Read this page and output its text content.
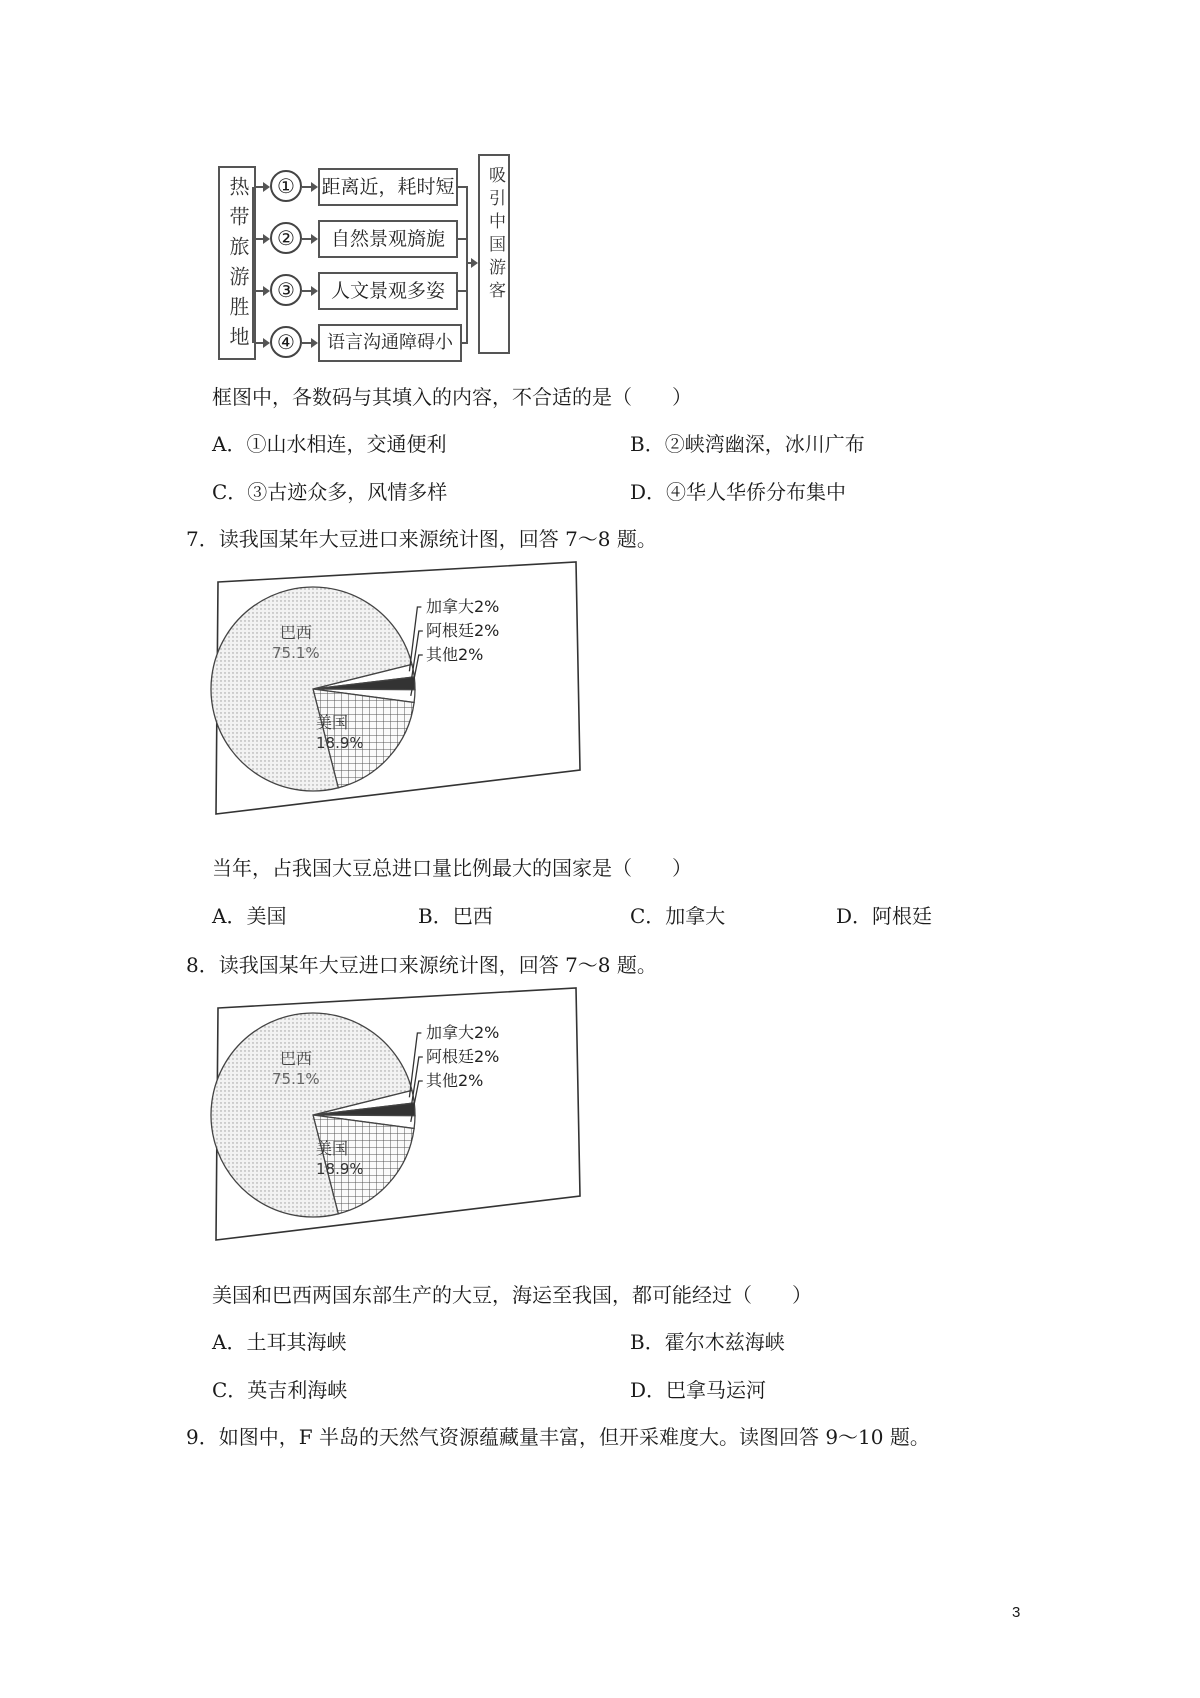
热带旅游胜地	①	距离近，耗时短
②	自然景观旖旎
③	人文景观多姿
④	语言沟通障碍小
吸引中国游客
框图中，各数码与其填入的内容，不合适的是（　　）
A．①山水相连，交通便利	B．②峡湾幽深，冰川广布
C．③古迹众多，风情多样	D．④华人华侨分布集中
7．读我国某年大豆进口来源统计图，回答 7～8 题。
巴西
75.1%
美国
18.9%
加拿大2%
阿根廷2%
其他2%
当年，占我国大豆总进口量比例最大的国家是（　　）
A．美国	B．巴西	C．加拿大	D．阿根廷
8．读我国某年大豆进口来源统计图，回答 7～8 题。
巴西
75.1%
美国
18.9%
加拿大2%
阿根廷2%
其他2%
美国和巴西两国东部生产的大豆，海运至我国，都可能经过（　　）
A．土耳其海峡	B．霍尔木兹海峡
C．英吉利海峡	D．巴拿马运河
9．如图中，F 半岛的天然气资源蕴藏量丰富，但开采难度大。读图回答 9～10 题。
3
